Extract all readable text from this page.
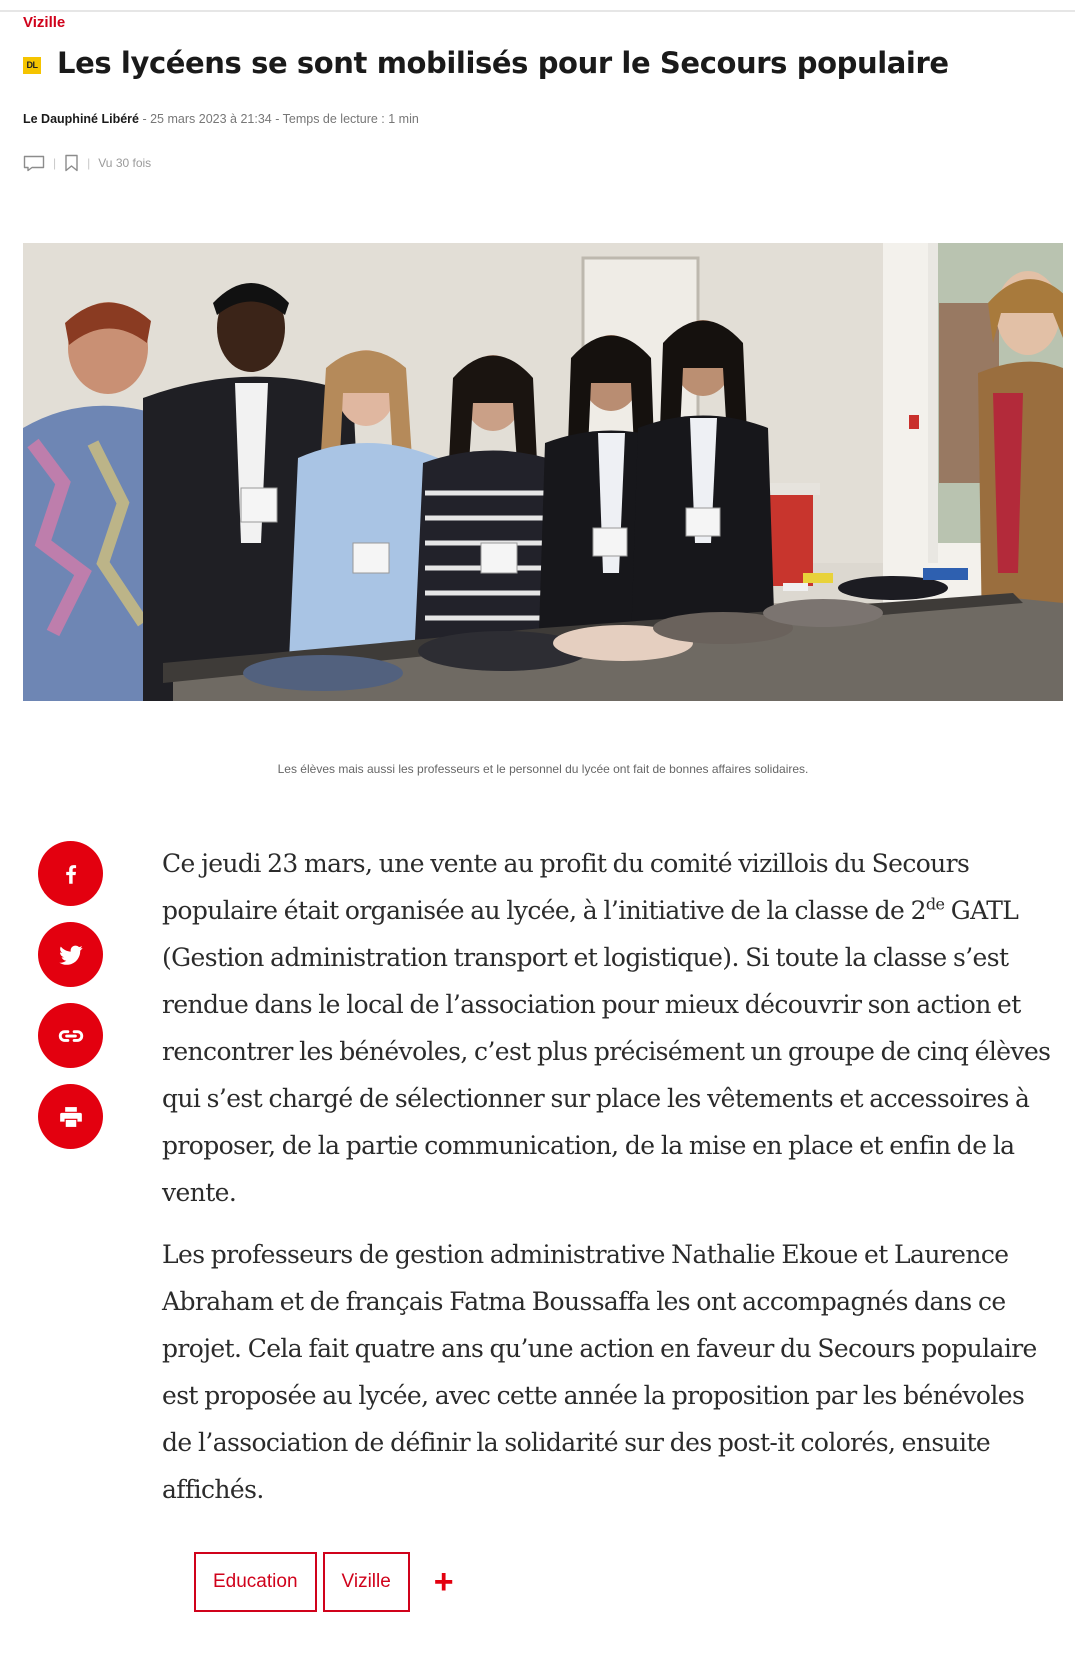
Vizille
DL Les lycéens se sont mobilisés pour le Secours populaire
Le Dauphiné Libéré - 25 mars 2023 à 21:34 - Temps de lecture : 1 min
|	| Vu 30 fois
Les élèves mais aussi les professeurs et le personnel du lycée ont fait de bonnes affaires solidaires.

Ce jeudi 23 mars, une vente au profit du comité vizillois du Secours populaire était organisée au lycée, à l’initiative de la classe de 2de GATL (Gestion administration transport et logistique). Si toute la classe s’est rendue dans le local de l’association pour mieux découvrir son action et rencontrer les bénévoles, c’est plus précisément un groupe de cinq élèves qui s’est chargé de sélectionner sur place les vêtements et accessoires à proposer, de la partie communication, de la mise en place et enfin de la vente.

Les professeurs de gestion administrative Nathalie Ekoue et Laurence Abraham et de français Fatma Boussaffa les ont accompagnés dans ce projet. Cela fait quatre ans qu’une action en faveur du Secours populaire est proposée au lycée, avec cette année la proposition par les bénévoles de l’association de définir la solidarité sur des post-it colorés, ensuite affichés.

Education	Vizille	+
